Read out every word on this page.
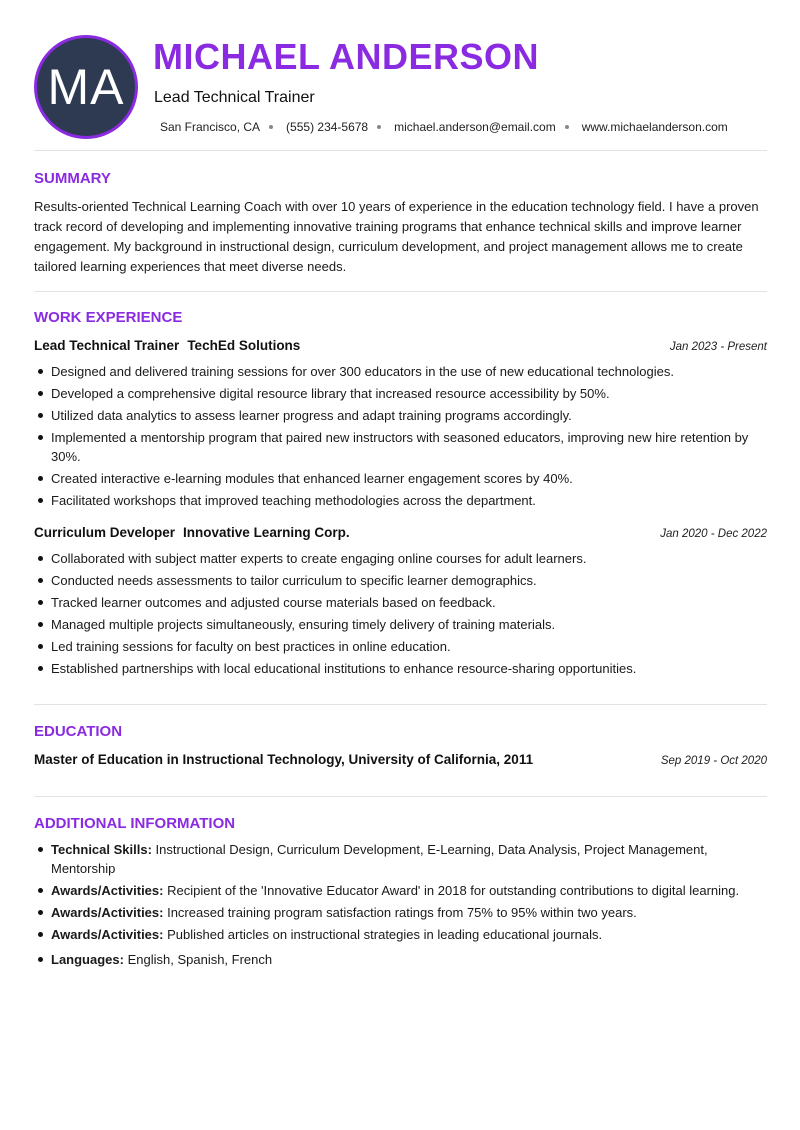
MA
MICHAEL ANDERSON
Lead Technical Trainer
San Francisco, CA (555) 234-5678 michael.anderson@email.com www.michaelanderson.com
SUMMARY
Results-oriented Technical Learning Coach with over 10 years of experience in the education technology field. I have a proven track record of developing and implementing innovative training programs that enhance technical skills and improve learner engagement. My background in instructional design, curriculum development, and project management allows me to create tailored learning experiences that meet diverse needs.
WORK EXPERIENCE
Lead Technical Trainer TechEd Solutions	Jan 2023 - Present
Designed and delivered training sessions for over 300 educators in the use of new educational technologies.
Developed a comprehensive digital resource library that increased resource accessibility by 50%.
Utilized data analytics to assess learner progress and adapt training programs accordingly.
Implemented a mentorship program that paired new instructors with seasoned educators, improving new hire retention by 30%.
Created interactive e-learning modules that enhanced learner engagement scores by 40%.
Facilitated workshops that improved teaching methodologies across the department.
Curriculum Developer Innovative Learning Corp.	Jan 2020 - Dec 2022
Collaborated with subject matter experts to create engaging online courses for adult learners.
Conducted needs assessments to tailor curriculum to specific learner demographics.
Tracked learner outcomes and adjusted course materials based on feedback.
Managed multiple projects simultaneously, ensuring timely delivery of training materials.
Led training sessions for faculty on best practices in online education.
Established partnerships with local educational institutions to enhance resource-sharing opportunities.
EDUCATION
Master of Education in Instructional Technology, University of California, 2011	Sep 2019 - Oct 2020
ADDITIONAL INFORMATION
Technical Skills: Instructional Design, Curriculum Development, E-Learning, Data Analysis, Project Management, Mentorship
Awards/Activities: Recipient of the 'Innovative Educator Award' in 2018 for outstanding contributions to digital learning.
Awards/Activities: Increased training program satisfaction ratings from 75% to 95% within two years.
Awards/Activities: Published articles on instructional strategies in leading educational journals.
Languages: English, Spanish, French
